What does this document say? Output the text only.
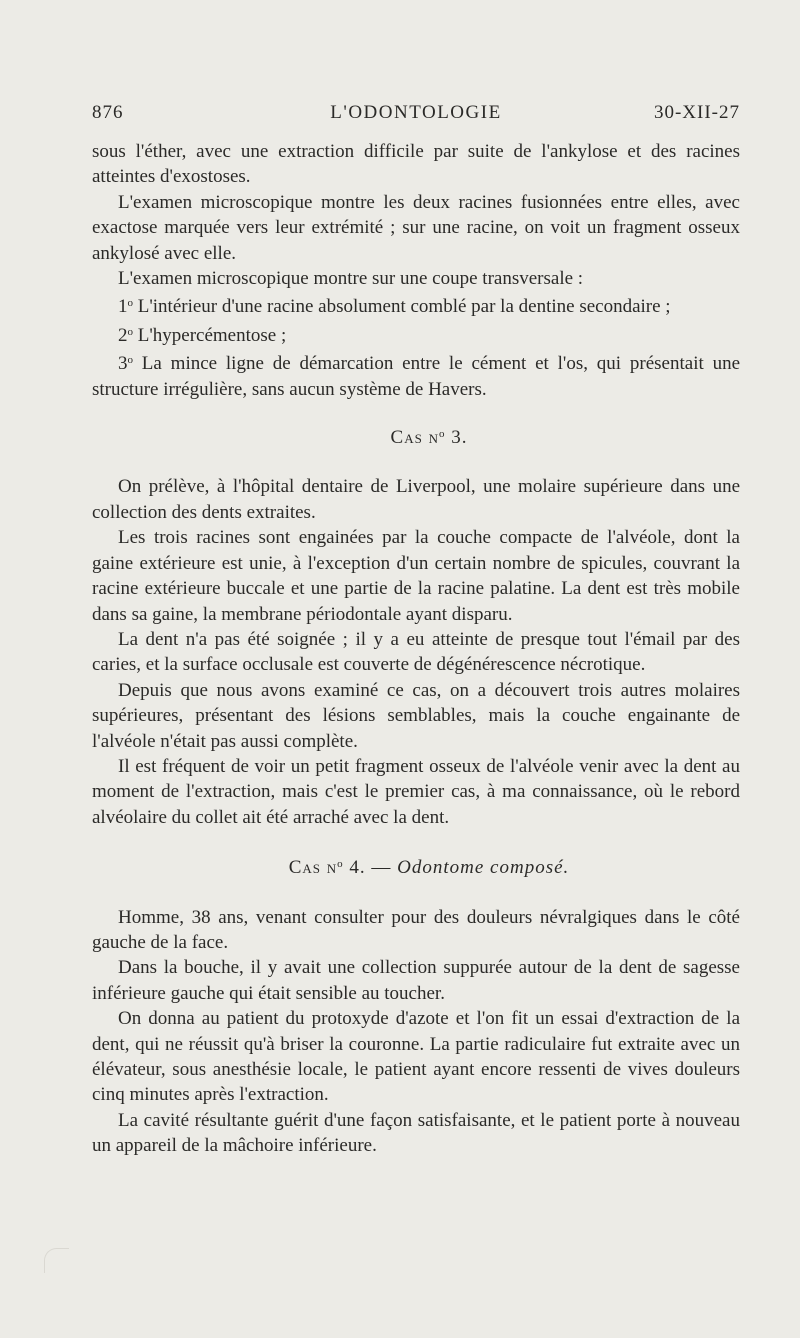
876	L'ODONTOLOGIE	30-XII-27

sous l'éther, avec une extraction difficile par suite de l'ankylose et des racines atteintes d'exostoses.

L'examen microscopique montre les deux racines fusionnées entre elles, avec exactose marquée vers leur extrémité ; sur une racine, on voit un fragment osseux ankylosé avec elle.

L'examen microscopique montre sur une coupe transversale :

1$^o$ L'intérieur d'une racine absolument comblé par la dentine secondaire ;

2$^o$ L'hypercémentose ;

3$^o$ La mince ligne de démarcation entre le cément et l'os, qui présentait une structure irrégulière, sans aucun système de Havers.

Cas $n^o$ 3.

On prélève, à l'hôpital dentaire de Liverpool, une molaire supérieure dans une collection des dents extraites.

Les trois racines sont engainées par la couche compacte de l'alvéole, dont la gaine extérieure est unie, à l'exception d'un certain nombre de spicules, couvrant la racine extérieure buccale et une partie de la racine palatine. La dent est très mobile dans sa gaine, la membrane périodontale ayant disparu.

La dent n'a pas été soignée ; il y a eu atteinte de presque tout l'émail par des caries, et la surface occlusale est couverte de dégénérescence nécrotique.

Depuis que nous avons examiné ce cas, on a découvert trois autres molaires supérieures, présentant des lésions semblables, mais la couche engainante de l'alvéole n'était pas aussi complète.

Il est fréquent de voir un petit fragment osseux de l'alvéole venir avec la dent au moment de l'extraction, mais c'est le premier cas, à ma connaissance, où le rebord alvéolaire du collet ait été arraché avec la dent.

Cas $n^o$ 4. — Odontome composé.

Homme, 38 ans, venant consulter pour des douleurs névralgiques dans le côté gauche de la face.

Dans la bouche, il y avait une collection suppurée autour de la dent de sagesse inférieure gauche qui était sensible au toucher.

On donna au patient du protoxyde d'azote et l'on fit un essai d'extraction de la dent, qui ne réussit qu'à briser la couronne. La partie radiculaire fut extraite avec un élévateur, sous anesthésie locale, le patient ayant encore ressenti de vives douleurs cinq minutes après l'extraction.

La cavité résultante guérit d'une façon satisfaisante, et le patient porte à nouveau un appareil de la mâchoire inférieure.
